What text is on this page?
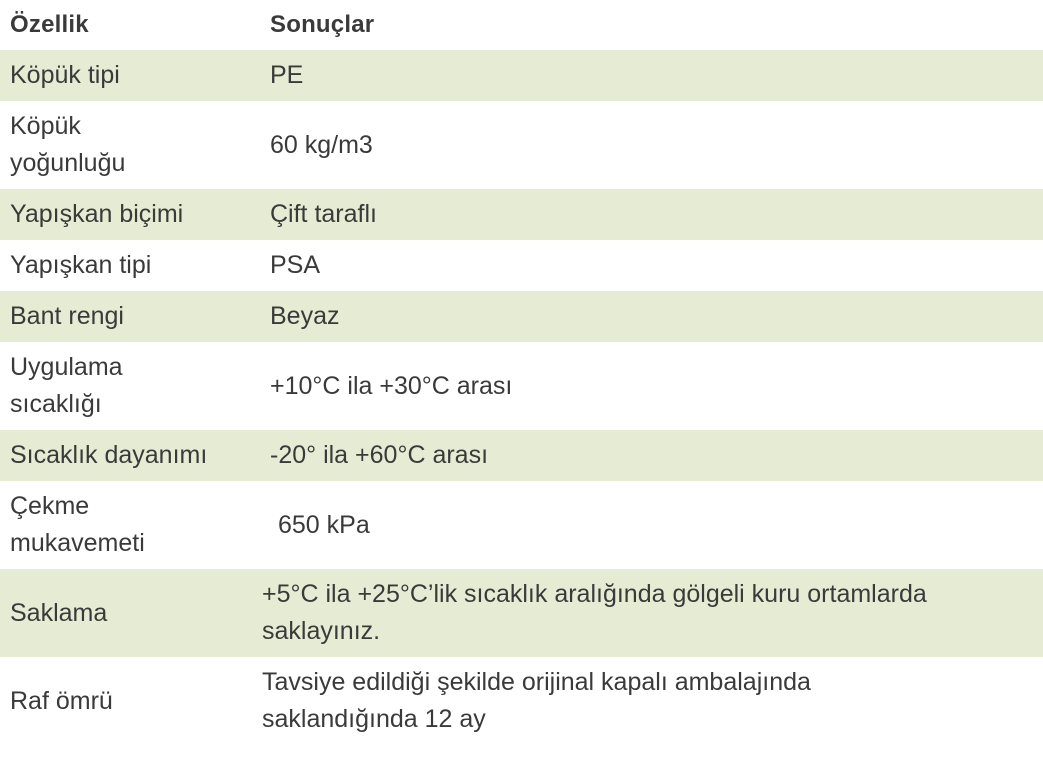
Özellik	Sonuçlar
Köpük tipi	PE
Köpük yoğunluğu	60 kg/m3
Yapışkan biçimi	Çift taraflı
Yapışkan tipi	PSA
Bant rengi	Beyaz
Uygulama sıcaklığı	+10°C ila +30°C arası
Sıcaklık dayanımı	-20° ila +60°C arası
Çekme mukavemeti	650 kPa
Saklama	+5°C ila +25°C’lik sıcaklık aralığında gölgeli kuru ortamlarda saklayınız.
Raf ömrü	Tavsiye edildiği şekilde orijinal kapalı ambalajında saklandığında 12 ay
